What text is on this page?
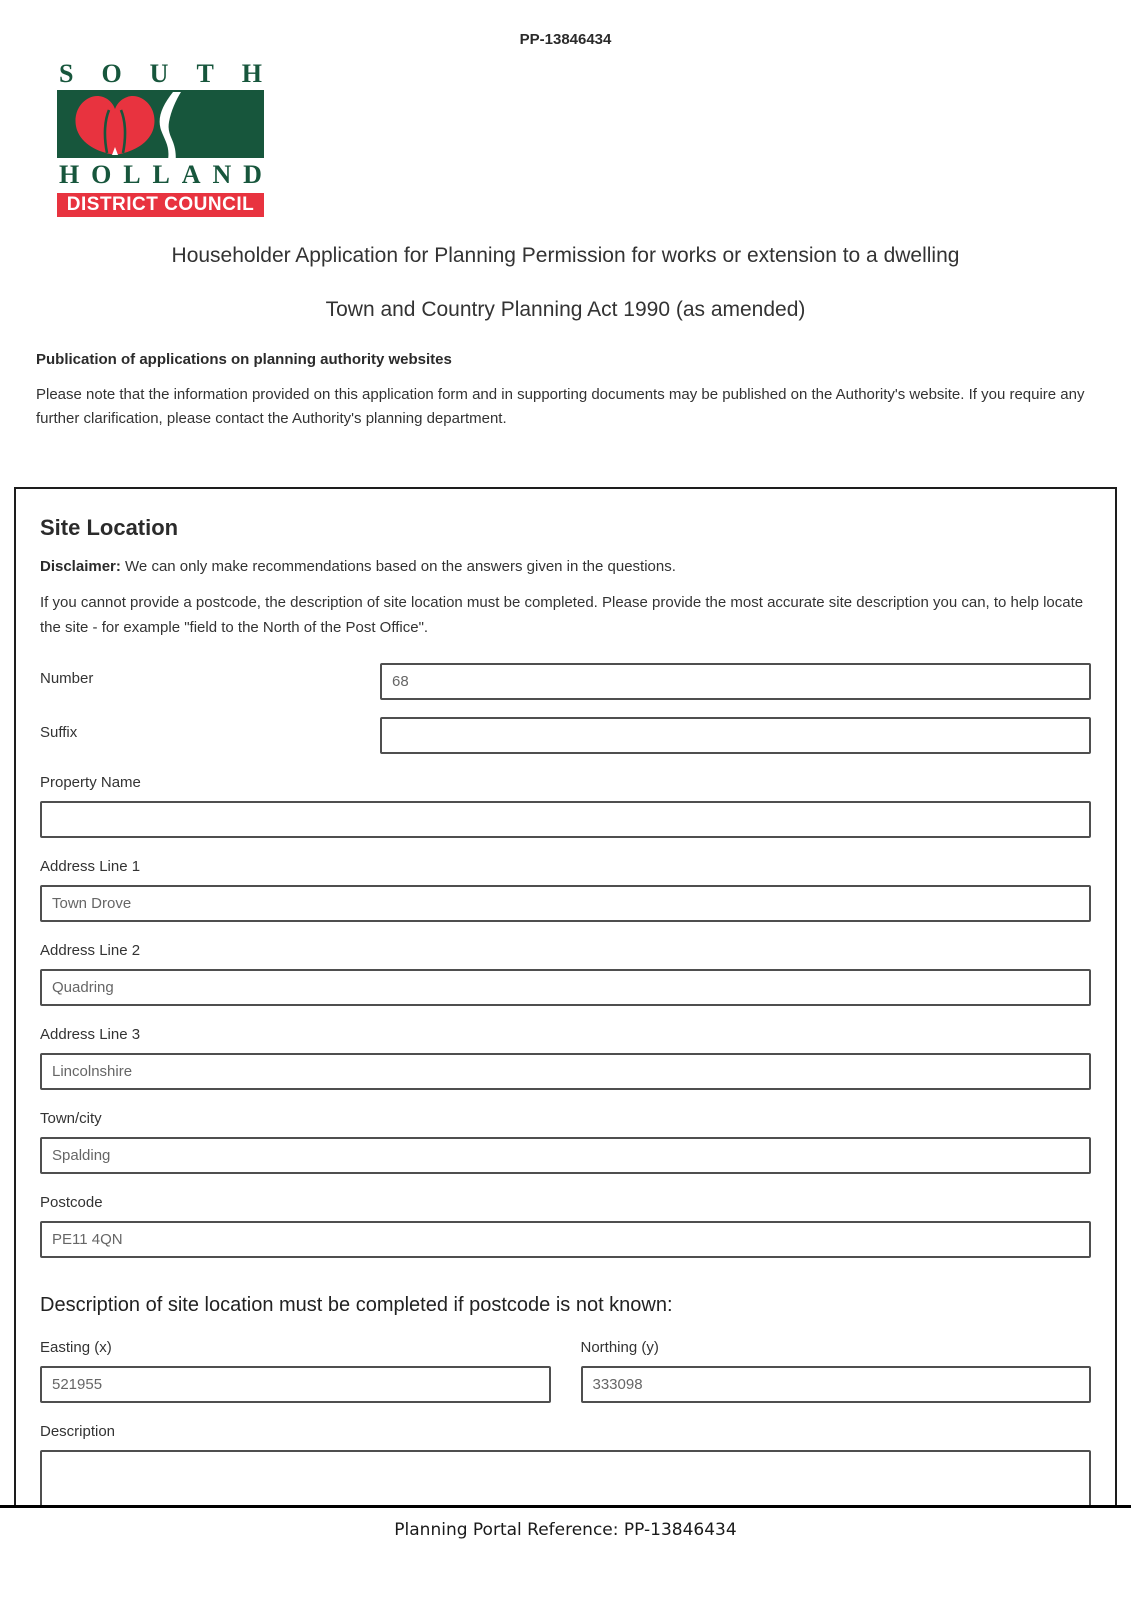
PP-13846434
S O U T H
H O L L A N D
DISTRICT COUNCIL
Householder Application for Planning Permission for works or extension to a dwelling
Town and Country Planning Act 1990 (as amended)
Publication of applications on planning authority websites
Please note that the information provided on this application form and in supporting documents may be published on the Authority's website. If you require any further clarification, please contact the Authority's planning department.
Site Location
Disclaimer: We can only make recommendations based on the answers given in the questions.
If you cannot provide a postcode, the description of site location must be completed. Please provide the most accurate site description you can, to help locate the site - for example "field to the North of the Post Office".
Number
68
Suffix
Property Name
Address Line 1
Town Drove
Address Line 2
Quadring
Address Line 3
Lincolnshire
Town/city
Spalding
Postcode
PE11 4QN
Description of site location must be completed if postcode is not known:
Easting (x)
521955	Northing (y)
333098
Description
Planning Portal Reference: PP-13846434
